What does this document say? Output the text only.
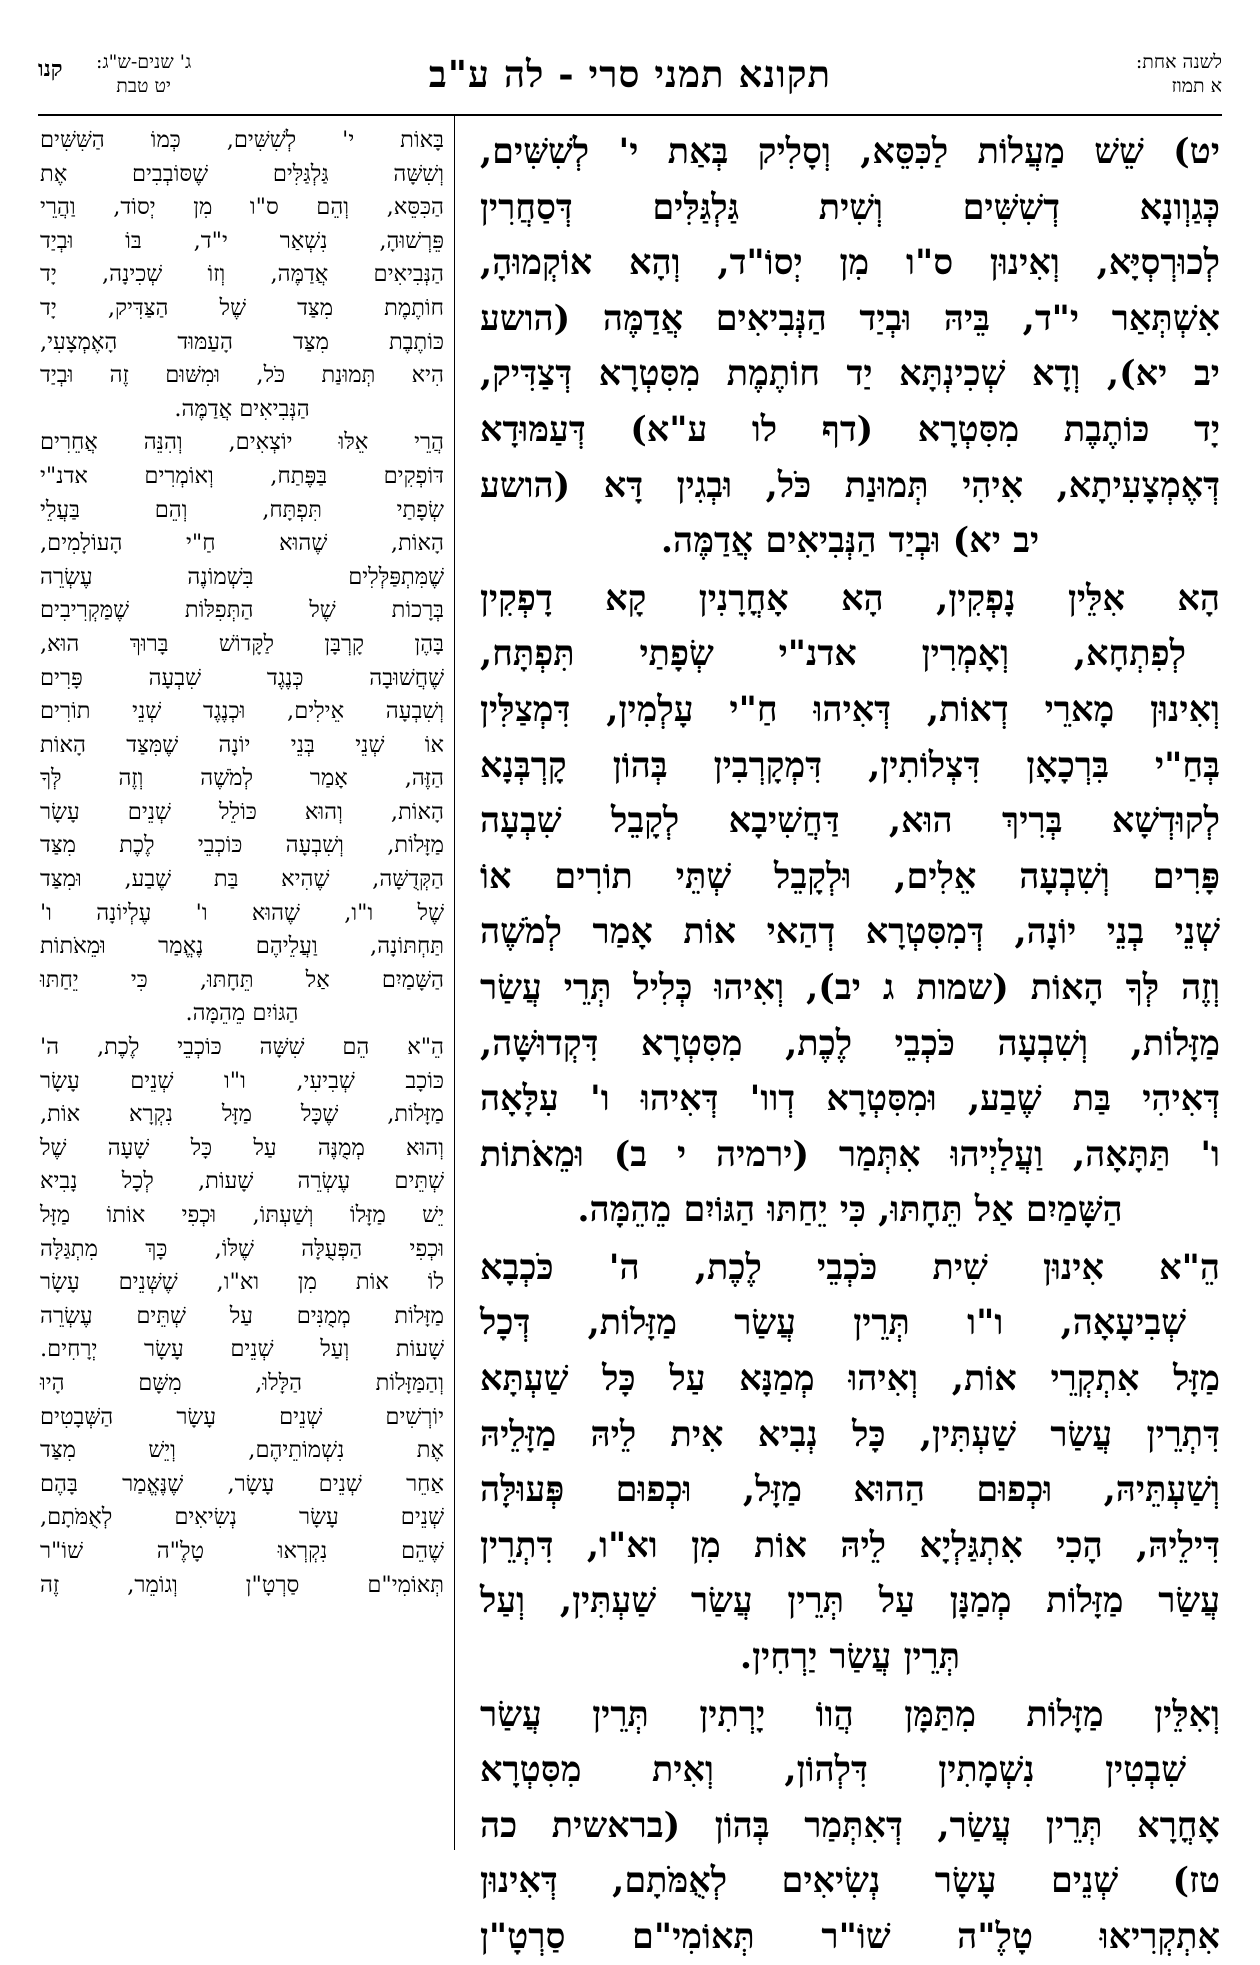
לשנה אחת:
א תמוז
תקונא תמני סרי - לה ע"ב
ג' שנים-ש"ג:
יט טבת
קנו

יט) שֵׁשׁ מַעֲלוֹת לַכִּסֵּא, וְסָלִיק בְּאַת י' לְשִׁשִּׁים,

כְּגַוְונָא דְשִׁשִּׁים וְשִׁית גַּלְגַּלִּים דְּסַחֲרִין

לְכוּרְסְיָּא, וְאִינוּן ס"ו מִן יְסוֹ"ד, וְהָא אוֹקְמוּהָ,

אִשְׁתְּאַר י"ד, בֵּיהּ וּבְיַד הַנְּבִיאִים אֲדַמֶּה (הושע

יב יא), וְדָא שְׁכִינְתָּא יַד חוֹתֶמֶת מִסִּטְרָא דְּצַדִּיק,

יָד כּוֹתֶבֶת מִסִּטְרָא (דף לו ע"א) דְּעַמּוּדָא

דְּאֶמְצָעִיתָא, אִיהִי תְּמוּנַת כֹּל, וּבְגִין דָּא (הושע

יב יא) וּבְיַד הַנְּבִיאִים אֲדַמֶּה.

הָא אִלֵּין נָפְקִין, הָא אָחֳרָנִין קָא דָפְקִין

לְפִתְחָא, וְאָמְרִין אדנ"י שְׂפָתַי תִּפְתָּח,

וְאִינוּן מָארֵי דְאוֹת, דְּאִיהוּ חַ"י עָלְמִין, דִּמְצַלִּין

בְּחַ"י בִּרְכָאָן דִּצְלוֹתִין, דִּמְקָרְבִין בְּהוֹן קָרְבְּנָא

לְקוּדְשָׁא בְּרִיךְ הוּא, דַּחֲשִׁיבָא לְקָבֵל שִׁבְעָה

פָּרִים וְשִׁבְעָה אֵלִים, וּלְקָבֵל שְׁתֵּי תוֹרִים אוֹ

שְׁנֵי בְנֵי יוֹנָה, דְּמִסִּטְרָא דְהַאי אוֹת אָמַר לְמֹשֶׁה

וְזֶה לְּךָ הָאוֹת (שמות ג יב), וְאִיהוּ כְּלִיל תְּרֵי עֲשַׂר

מַזָּלוֹת, וְשִׁבְעָה כֹּכְבֵי לֶכֶת, מִסִּטְרָא דִּקְדוּשָּׁה,

דְּאִיהִי בַּת שֶׁבַע, וּמִסִּטְרָא דְוו' דְּאִיהוּ ו' עִלָּאָה

ו' תַּתָּאָה, וַעֲלַיְיהוּ אִתְּמַר (ירמיה י ב) וּמֵאֹתוֹת

הַשָּׁמַיִם אַל תֵּחָתּוּ, כִּי יֵחַתּוּ הַגּוֹיִם מֵהֵמָּה.

הֵ"א אִינוּן שִׁית כֹּכְבֵי לֶכֶת, ה' כֹּכְבָא

שְׁבִיעָאָה, ו"ו תְּרֵין עֲשַׂר מַזָּלוֹת, דְּכָל

מַזָּל אִתְקְרֵי אוֹת, וְאִיהוּ מְמַנָּא עַל כָּל שַׁעְתָּא

דִּתְרֵין עֲשַׂר שַׁעְתִּין, כָּל נְבִיא אִית לֵיהּ מַזָּלֵיהּ

וְשַׁעְתֵּיהּ, וּכְפוּם הַהוּא מַזָּל, וּכְפוּם פְּעוּלָּה

דִּילֵיהּ, הָכִי אִתְגַּלְיָא לֵיהּ אוֹת מִן וא"ו, דִּתְרֵין

עֲשַׂר מַזָּלוֹת מְמַנָּן עַל תְּרֵין עֲשַׂר שַׁעְתִּין, וְעַל

תְּרֵין עֲשַׂר יַרְחִין.

וְאִלֵּין מַזָּלוֹת מִתַּמָּן הֲווֹ יָרְתִין תְּרֵין עֲשַׂר

שִׁבְטִין נִשְׁמָתִין דִּלְהוֹן, וְאִית מִסִּטְרָא

אָחֳרָא תְּרֵין עֲשַׂר, דְּאִתְּמַר בְּהוֹן (בראשית כה

טז) שְׁנֵים עָשָׂר נְשִׂיאִים לְאֻמֹּתָם, דְּאִינוּן

אִתְקְרִיאוּ טָלֶ"ה שׁוֹ"ר תְּאוֹמִי"ם סַרְטָ"ן

בָּאוֹת י' לְשִׁשִּׁים, כְּמוֹ הַשִּׁשִּׁים

וְשִׁשָּׁה גַּלְגַּלִּים שֶׁסּוֹבְבִים אֶת

הַכִּסֵּא, וְהֵם ס"ו מִן יְסוֹד, וַהֲרֵי

פֵּרְשׁוּהָ, נִשְׁאַר י"ד, בּוֹ וּבְיַד

הַנְּבִיאִים אֲדַמֶּה, וְזוֹ שְׁכִינָה, יָד

חוֹתֶמֶת מִצַּד שֶׁל הַצַּדִּיק, יָד

כּוֹתֶבֶת מִצַּד הָעַמּוּד הָאֶמְצָעִי,

הִיא תְּמוּנַת כֹּל, וּמִשּׁוּם זֶה וּבְיַד

הַנְּבִיאִים אֲדַמֶּה.

הֲרֵי אֵלּוּ יוֹצְאִים, וְהִנֵּה אֲחֵרִים

דּוֹפְקִים בַּפֶּתַח, וְאוֹמְרִים אדנ"י

שְׂפָתַי תִּפְתָּח, וְהֵם בַּעֲלֵי

הָאוֹת, שֶׁהוּא חַ"י הָעוֹלָמִים,

שֶׁמִּתְפַּלְּלִים בִּשְׁמוֹנֶה עֶשְׂרֵה

בְּרָכוֹת שֶׁל הַתְּפִלּוֹת שֶׁמַּקְרִיבִים

בָּהֶן קָרְבָּן לַקָּדוֹשׁ בָּרוּךְ הוּא,

שֶׁחֲשׁוּבָה כְּנֶגֶד שִׁבְעָה פָּרִים

וְשִׁבְעָה אֵילִים, וּכְנֶגֶד שְׁנֵי תוֹרִים

אוֹ שְׁנֵי בְּנֵי יוֹנָה שֶׁמִּצַּד הָאוֹת

הַזֶּה, אָמַר לְמֹשֶׁה וְזֶה לְּךָ

הָאוֹת, וְהוּא כּוֹלֵל שְׁנֵים עָשָׂר

מַזָּלוֹת, וְשִׁבְעָה כּוֹכְבֵי לֶכֶת מִצַּד

הַקְּדֻשָּׁה, שֶׁהִיא בַּת שֶׁבַע, וּמִצַּד

שֶׁל ו"ו, שֶׁהוּא ו' עֶלְיוֹנָה ו'

תַּחְתּוֹנָה, וַעֲלֵיהֶם נֶאֱמַר וּמֵאֹתוֹת

הַשָּׁמַיִם אַל תֵּחָתּוּ, כִּי יֵחַתּוּ

הַגּוֹיִם מֵהֵמָּה.

הֵ"א הֵם שִׁשָּׁה כּוֹכְבֵי לֶכֶת, ה'

כּוֹכָב שְׁבִיעִי, ו"ו שְׁנֵים עָשָׂר

מַזָּלוֹת, שֶׁכָּל מַזָּל נִקְרָא אוֹת,

וְהוּא מְמֻנֶּה עַל כָּל שָׁעָה שֶׁל

שְׁתֵּים עֶשְׂרֵה שָׁעוֹת, לְכָל נָבִיא

יֵשׁ מַזָּלוֹ וְשַׁעְתּוֹ, וּכְפִי אוֹתוֹ מַזָּל

וּכְפִי הַפְּעֻלָּה שֶׁלּוֹ, כָּךְ מִתְגַּלָּה

לוֹ אוֹת מִן וא"ו, שֶׁשְּׁנֵים עָשָׂר

מַזָּלוֹת מְמֻנִּים עַל שְׁתֵּים עֶשְׂרֵה

שָׁעוֹת וְעַל שְׁנֵים עָשָׂר יְרָחִים.

וְהַמַּזָּלוֹת הַלָּלוּ, מִשָּׁם הָיוּ

יוֹרְשִׁים שְׁנֵים עָשָׂר הַשְּׁבָטִים

אֶת נִשְׁמוֹתֵיהֶם, וְיֵשׁ מִצַּד

אַחֵר שְׁנֵים עָשָׂר, שֶׁנֶּאֱמַר בָּהֶם

שְׁנֵים עָשָׂר נְשִׂיאִים לְאֻמֹּתָם,

שֶׁהֵם נִקְרְאוּ טָלֶ"ה שׁוֹ"ר

תְּאוֹמִי"ם סַרְטָ"ן וְגוֹמֵר, זֶה
